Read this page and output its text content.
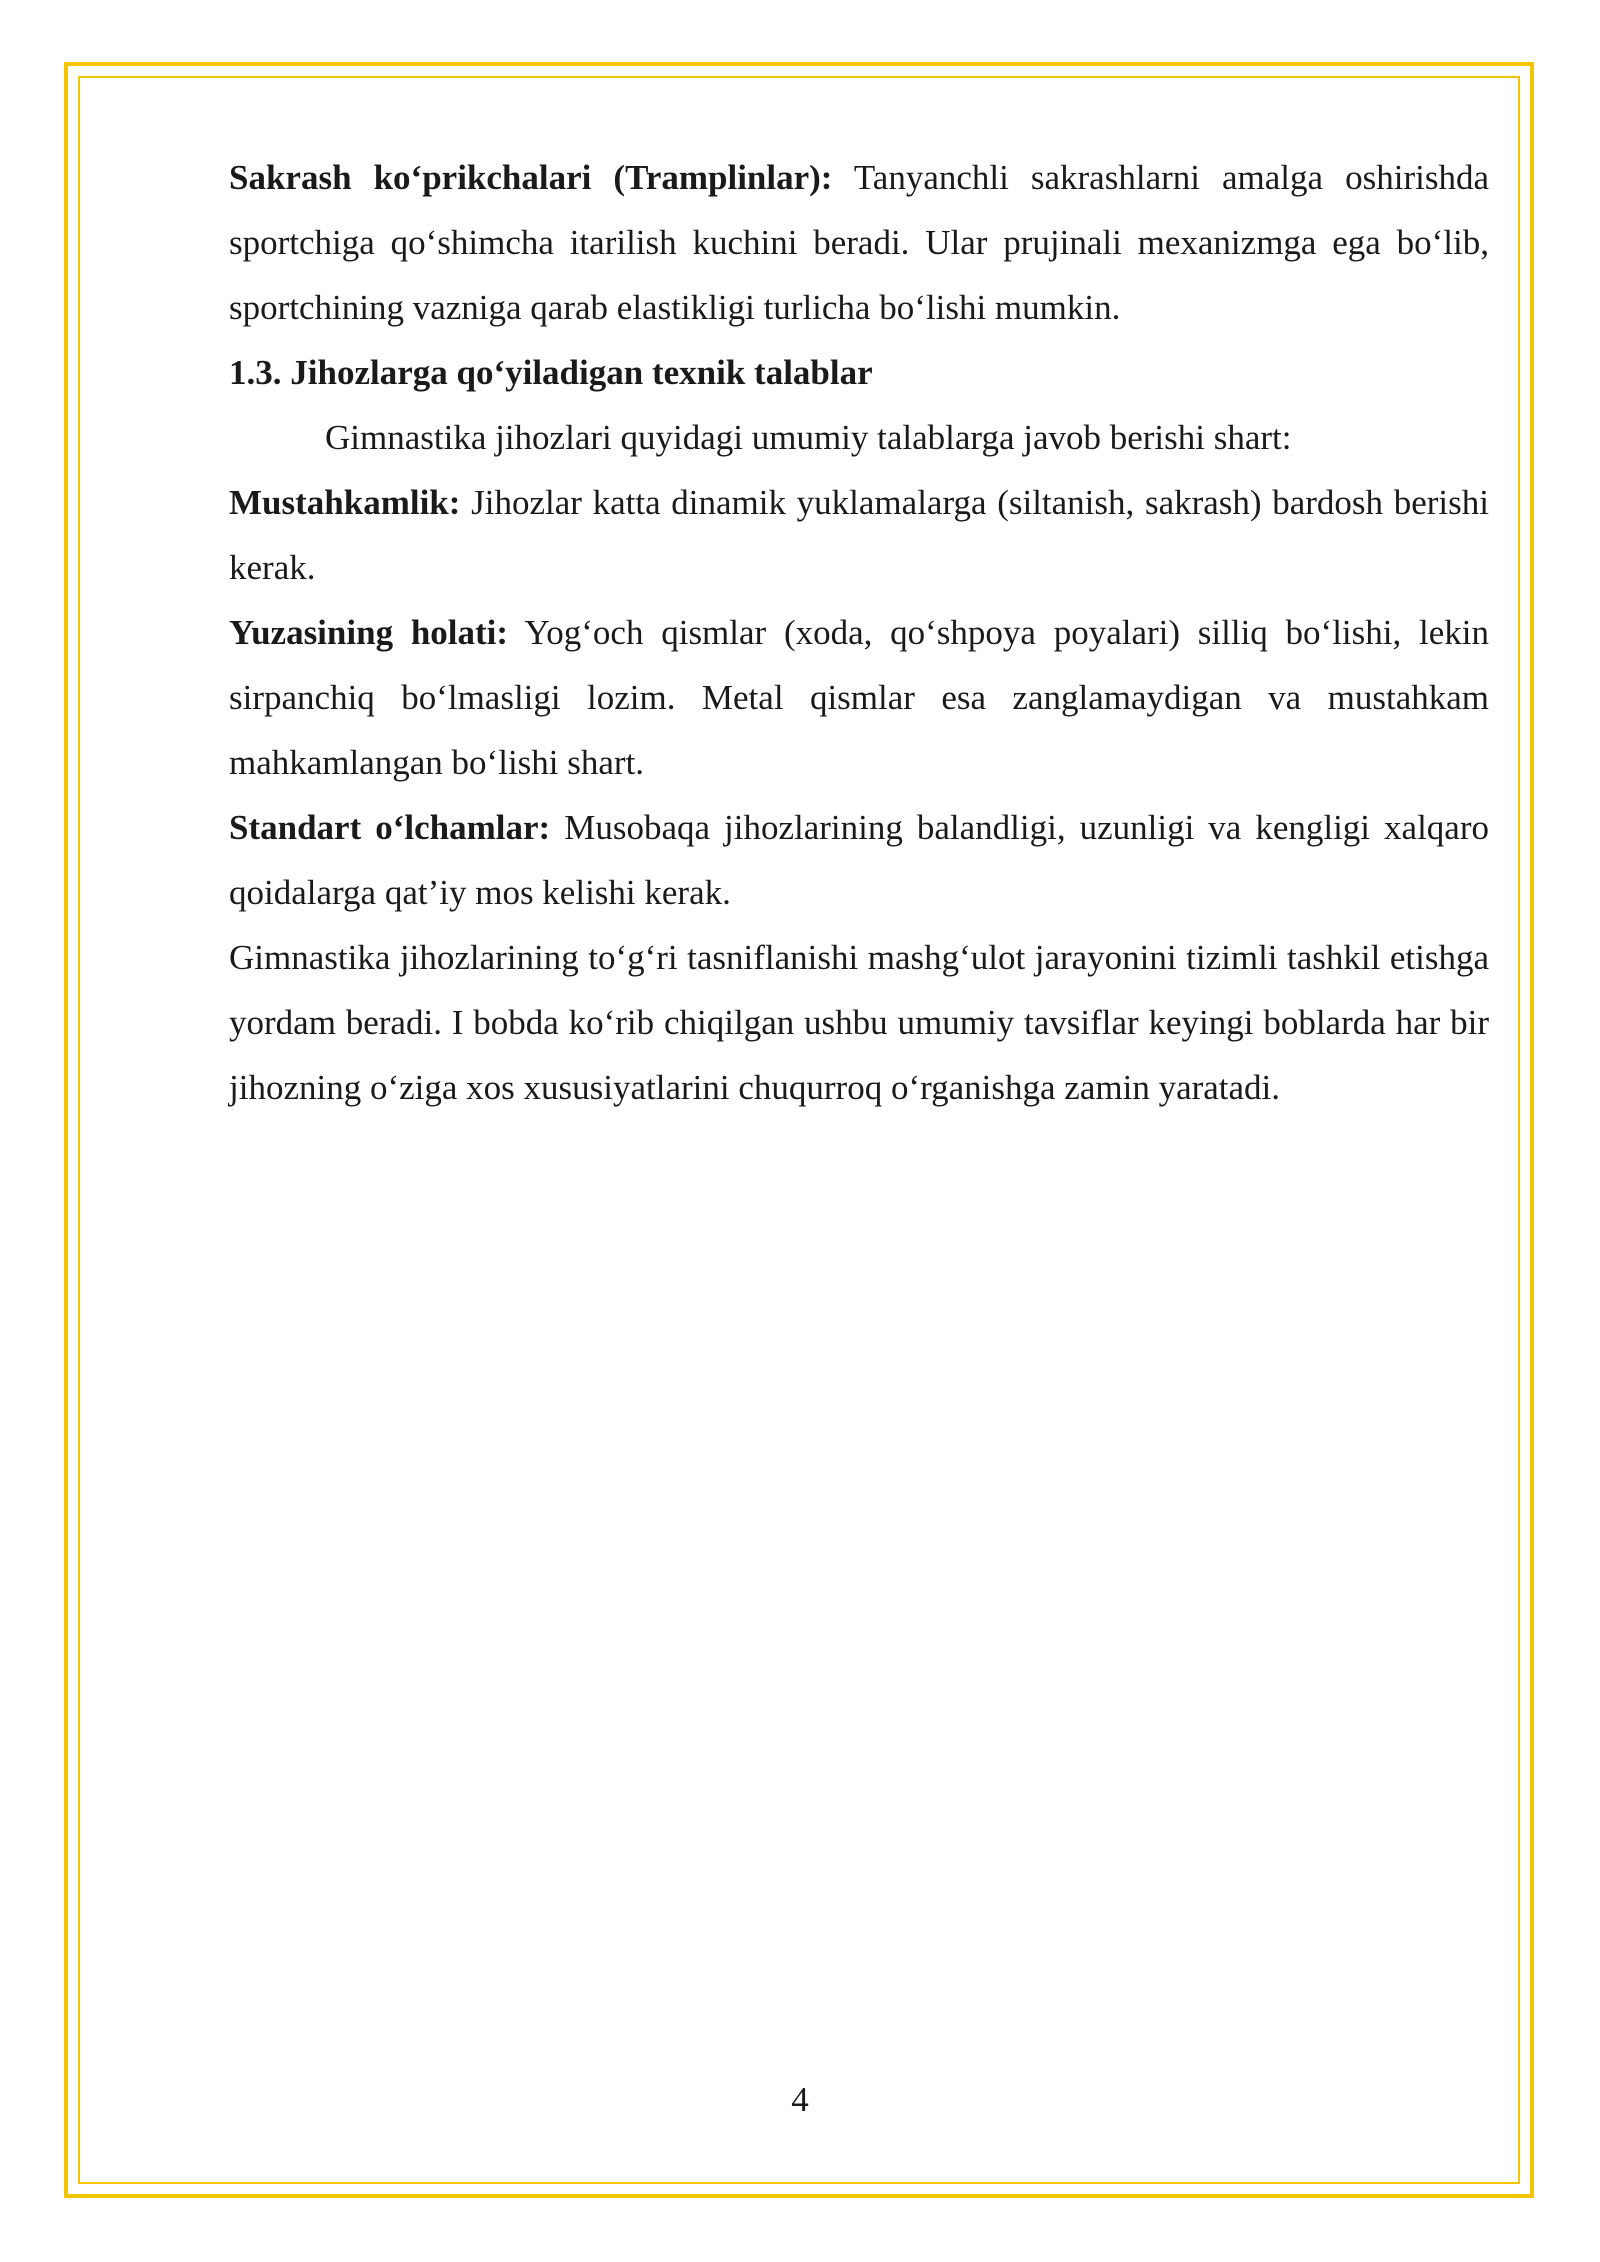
Sakrash ko‘prikchalari (Tramplinlar): Tanyanchli sakrashlarni amalga oshirishda sportchiga qo‘shimcha itarilish kuchini beradi. Ular prujinali mexanizmga ega bo‘lib, sportchining vazniga qarab elastikligi turlicha bo‘lishi mumkin.

1.3. Jihozlarga qo‘yiladigan texnik talablar

Gimnastika jihozlari quyidagi umumiy talablarga javob berishi shart:

Mustahkamlik: Jihozlar katta dinamik yuklamalarga (siltanish, sakrash) bardosh berishi kerak.

Yuzasining holati: Yog‘och qismlar (xoda, qo‘shpoya poyalari) silliq bo‘lishi, lekin sirpanchiq bo‘lmasligi lozim. Metal qismlar esa zanglamaydigan va mustahkam mahkamlangan bo‘lishi shart.

Standart o‘lchamlar: Musobaqa jihozlarining balandligi, uzunligi va kengligi xalqaro qoidalarga qat’iy mos kelishi kerak.

Gimnastika jihozlarining to‘g‘ri tasniflanishi mashg‘ulot jarayonini tizimli tashkil etishga yordam beradi. I bobda ko‘rib chiqilgan ushbu umumiy tavsiflar keyingi boblarda har bir jihozning o‘ziga xos xususiyatlarini chuqurroq o‘rganishga zamin yaratadi.

4
